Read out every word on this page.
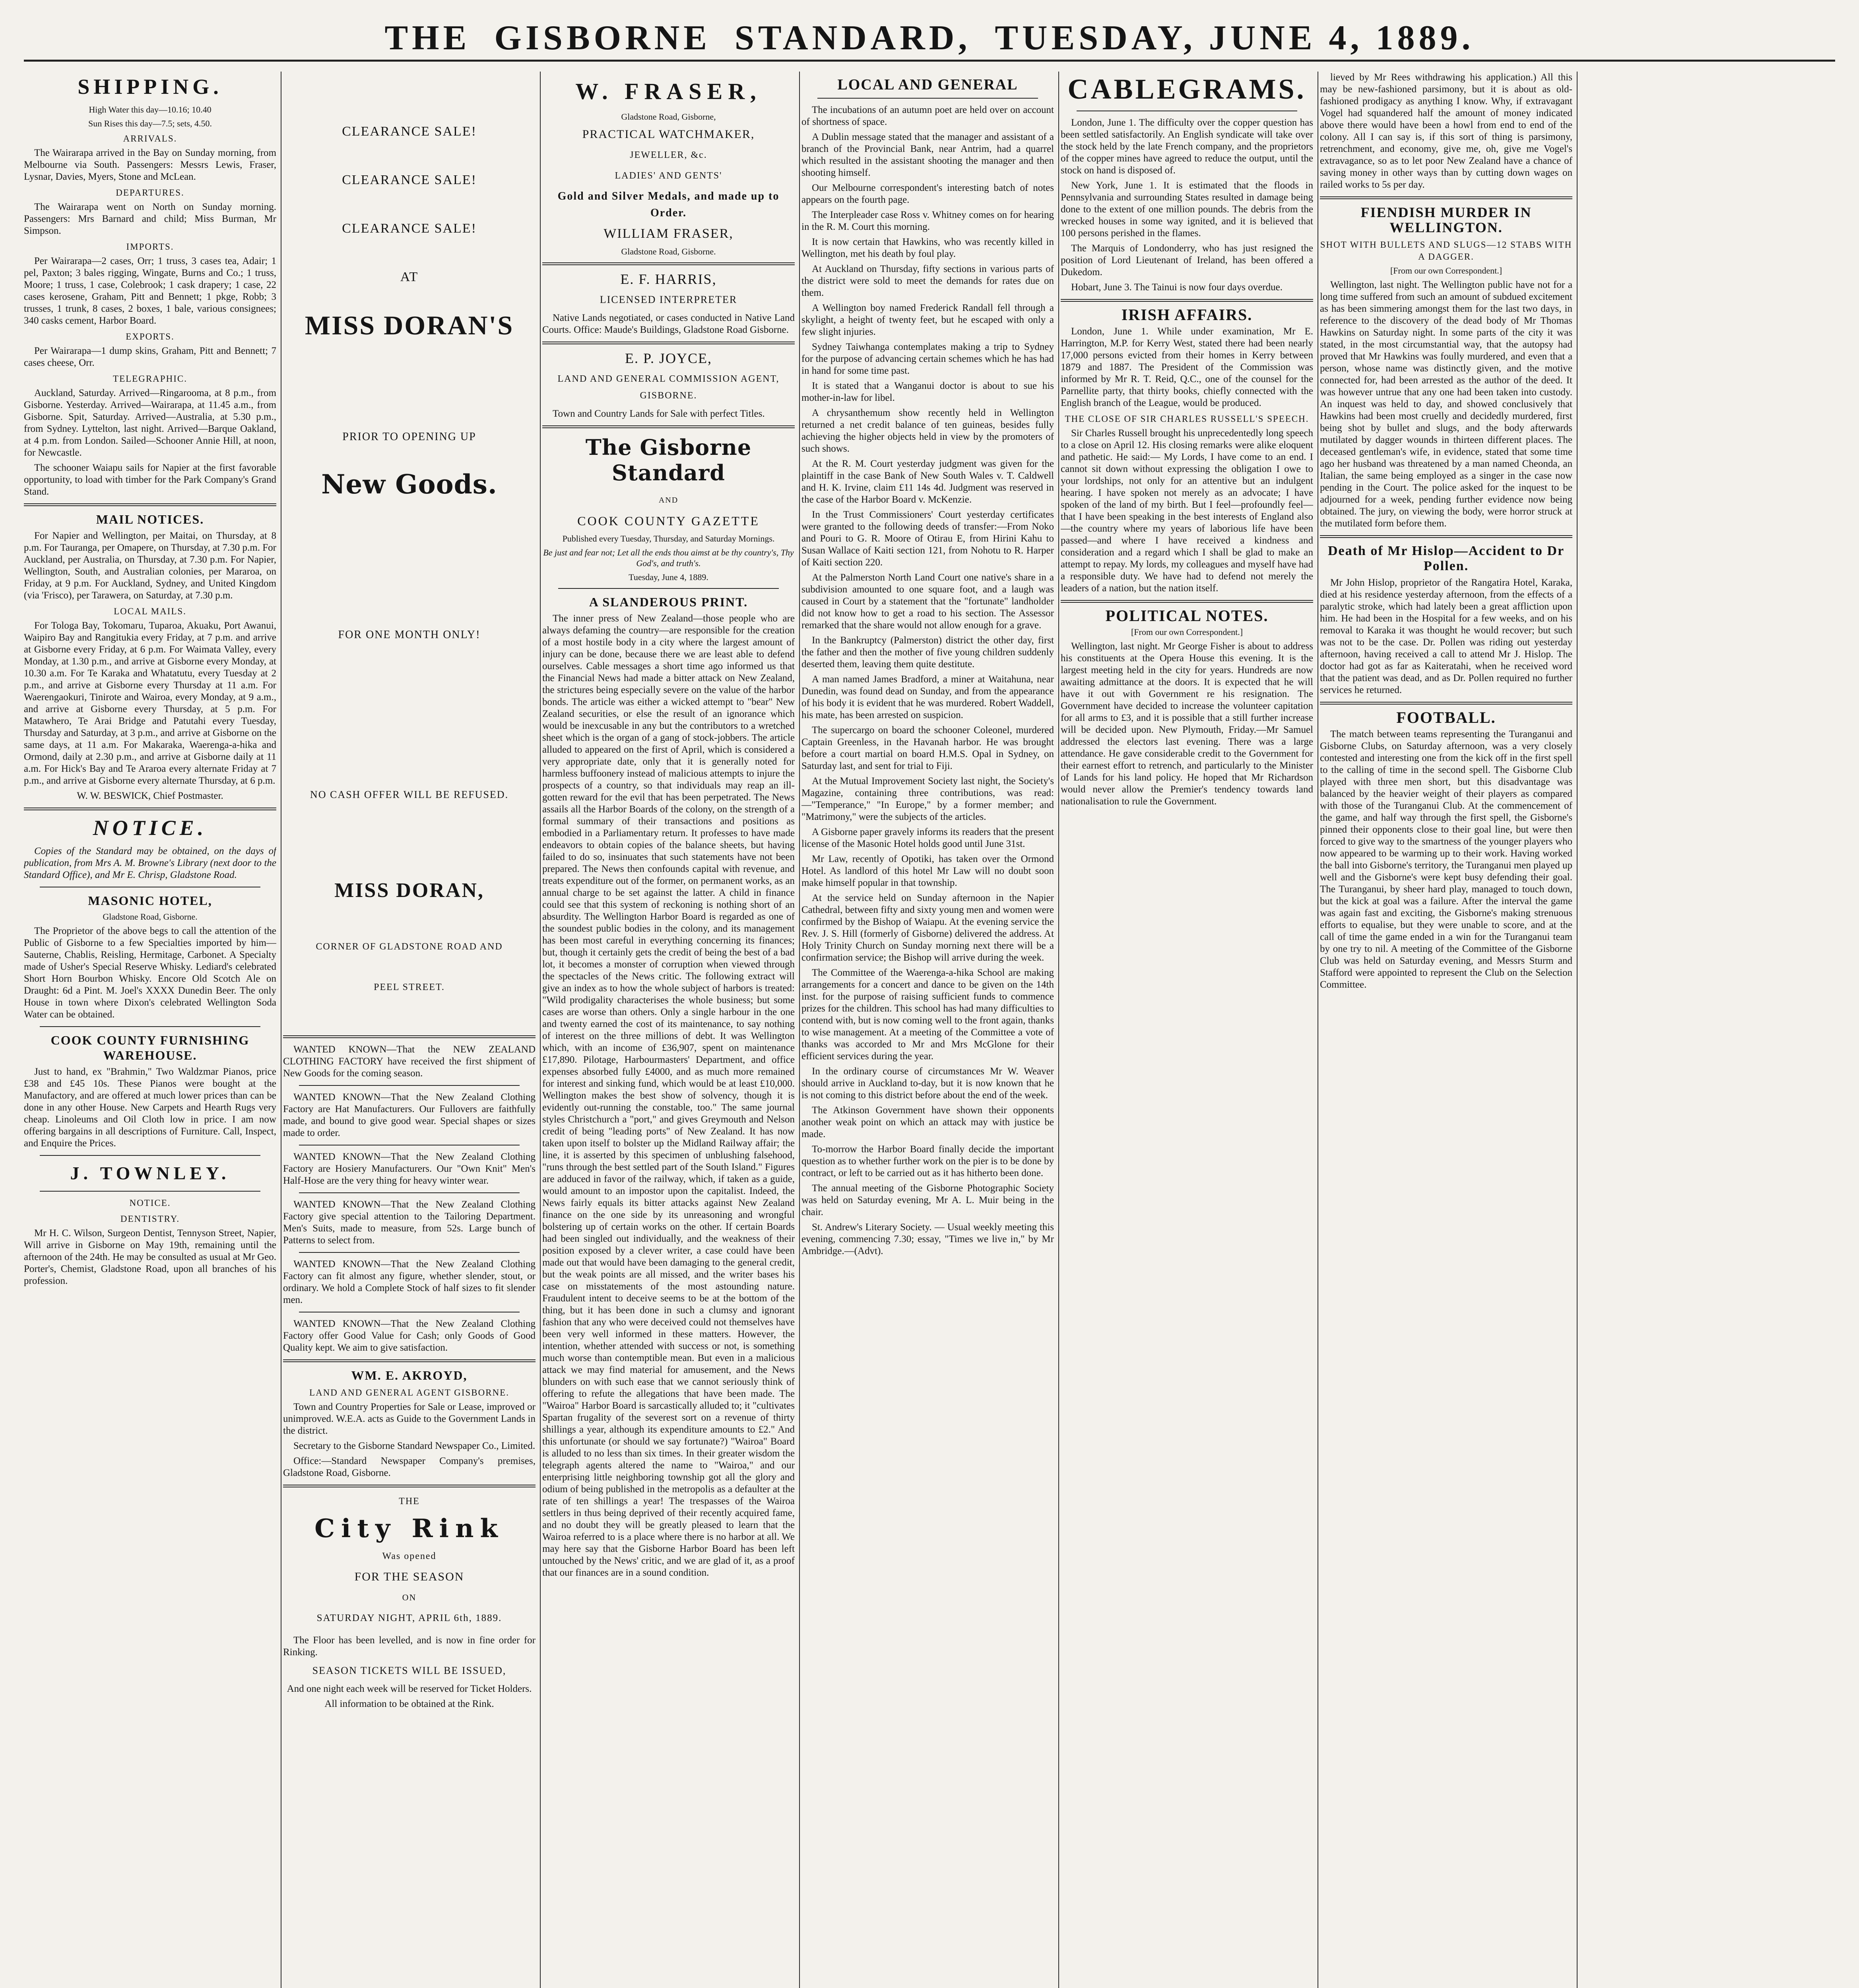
THE GISBORNE STANDARD, TUESDAY, JUNE 4, 1889.
SHIPPING.

High Water this day—10.16; 10.40

Sun Rises this day—7.5; sets, 4.50.

ARRIVALS.

The Wairarapa arrived in the Bay on Sunday morning, from Melbourne via South. Passengers: Messrs Lewis, Fraser, Lysnar, Davies, Myers, Stone and McLean.

DEPARTURES.

The Wairarapa went on North on Sunday morning. Passengers: Mrs Barnard and child; Miss Burman, Mr Simpson.

IMPORTS.

Per Wairarapa—2 cases, Orr; 1 truss, 3 cases tea, Adair; 1 pel, Paxton; 3 bales rigging, Wingate, Burns and Co.; 1 truss, Moore; 1 truss, 1 case, Colebrook; 1 cask drapery; 1 case, 22 cases kerosene, Graham, Pitt and Bennett; 1 pkge, Robb; 3 trusses, 1 trunk, 8 cases, 2 boxes, 1 bale, various consignees; 340 casks cement, Harbor Board.

EXPORTS.

Per Wairarapa—1 dump skins, Graham, Pitt and Bennett; 7 cases cheese, Orr.

TELEGRAPHIC.

Auckland, Saturday. Arrived—Ringarooma, at 8 p.m., from Gisborne. Yesterday. Arrived—Wairarapa, at 11.45 a.m., from Gisborne. Spit, Saturday. Arrived—Australia, at 5.30 p.m., from Sydney. Lyttelton, last night. Arrived—Barque Oakland, at 4 p.m. from London. Sailed—Schooner Annie Hill, at noon, for Newcastle.

The schooner Waiapu sails for Napier at the first favorable opportunity, to load with timber for the Park Company's Grand Stand.

MAIL NOTICES.

For Napier and Wellington, per Maitai, on Thursday, at 8 p.m. For Tauranga, per Omapere, on Thursday, at 7.30 p.m. For Auckland, per Australia, on Thursday, at 7.30 p.m. For Napier, Wellington, South, and Australian colonies, per Mararoa, on Friday, at 9 p.m. For Auckland, Sydney, and United Kingdom (via 'Frisco), per Tarawera, on Saturday, at 7.30 p.m.

LOCAL MAILS.

For Tologa Bay, Tokomaru, Tuparoa, Akuaku, Port Awanui, Waipiro Bay and Rangitukia every Friday, at 7 p.m. and arrive at Gisborne every Friday, at 6 p.m. For Waimata Valley, every Monday, at 1.30 p.m., and arrive at Gisborne every Monday, at 10.30 a.m. For Te Karaka and Whatatutu, every Tuesday at 2 p.m., and arrive at Gisborne every Thursday at 11 a.m. For Waerengaokuri, Tinirote and Wairoa, every Monday, at 9 a.m., and arrive at Gisborne every Thursday, at 5 p.m. For Matawhero, Te Arai Bridge and Patutahi every Tuesday, Thursday and Saturday, at 3 p.m., and arrive at Gisborne on the same days, at 11 a.m. For Makaraka, Waerenga-a-hika and Ormond, daily at 2.30 p.m., and arrive at Gisborne daily at 11 a.m. For Hick's Bay and Te Araroa every alternate Friday at 7 p.m., and arrive at Gisborne every alternate Thursday, at 6 p.m.

W. W. BESWICK, Chief Postmaster.

NOTICE.

Copies of the Standard may be obtained, on the days of publication, from Mrs A. M. Browne's Library (next door to the Standard Office), and Mr E. Chrisp, Gladstone Road.

MASONIC HOTEL,

Gladstone Road, Gisborne.

The Proprietor of the above begs to call the attention of the Public of Gisborne to a few Specialties imported by him— Sauterne, Chablis, Reisling, Hermitage, Carbonet. A Specialty made of Usher's Special Reserve Whisky. Lediard's celebrated Short Horn Bourbon Whisky. Encore Old Scotch Ale on Draught: 6d a Pint. M. Joel's XXXX Dunedin Beer. The only House in town where Dixon's celebrated Wellington Soda Water can be obtained.

COOK COUNTY FURNISHING WAREHOUSE.

Just to hand, ex "Brahmin," Two Waldzmar Pianos, price £38 and £45 10s. These Pianos were bought at the Manufactory, and are offered at much lower prices than can be done in any other House. New Carpets and Hearth Rugs very cheap. Linoleums and Oil Cloth low in price. I am now offering bargains in all descriptions of Furniture. Call, Inspect, and Enquire the Prices.

J. TOWNLEY.
NOTICE.
DENTISTRY.

Mr H. C. Wilson, Surgeon Dentist, Tennyson Street, Napier, Will arrive in Gisborne on May 19th, remaining until the afternoon of the 24th. He may be consulted as usual at Mr Geo. Porter's, Chemist, Gladstone Road, upon all branches of his profession.

CLEARANCE SALE!
CLEARANCE SALE!
CLEARANCE SALE!
AT
MISS DORAN'S
PRIOR TO OPENING UP
New Goods.
FOR ONE MONTH ONLY!
NO CASH OFFER WILL BE REFUSED.
MISS DORAN,
CORNER OF GLADSTONE ROAD AND
PEEL STREET.

WANTED KNOWN—That the NEW ZEALAND CLOTHING FACTORY have received the first shipment of New Goods for the coming season.

WANTED KNOWN—That the New Zealand Clothing Factory are Hat Manufacturers. Our Fullovers are faithfully made, and bound to give good wear. Special shapes or sizes made to order.

WANTED KNOWN—That the New Zealand Clothing Factory are Hosiery Manufacturers. Our "Own Knit" Men's Half-Hose are the very thing for heavy winter wear.

WANTED KNOWN—That the New Zealand Clothing Factory give special attention to the Tailoring Department. Men's Suits, made to measure, from 52s. Large bunch of Patterns to select from.

WANTED KNOWN—That the New Zealand Clothing Factory can fit almost any figure, whether slender, stout, or ordinary. We hold a Complete Stock of half sizes to fit slender men.

WANTED KNOWN—That the New Zealand Clothing Factory offer Good Value for Cash; only Goods of Good Quality kept. We aim to give satisfaction.

WM. E. AKROYD,
LAND AND GENERAL AGENT GISBORNE.

Town and Country Properties for Sale or Lease, improved or unimproved. W.E.A. acts as Guide to the Government Lands in the district.

Secretary to the Gisborne Standard Newspaper Co., Limited.

Office:—Standard Newspaper Company's premises, Gladstone Road, Gisborne.

THE
City Rink
Was opened
FOR THE SEASON
ON
SATURDAY NIGHT, APRIL 6th, 1889.

The Floor has been levelled, and is now in fine order for Rinking.

SEASON TICKETS WILL BE ISSUED,

And one night each week will be reserved for Ticket Holders.

All information to be obtained at the Rink.

W. FRASER,

Gladstone Road, Gisborne,

PRACTICAL WATCHMAKER,
JEWELLER, &c.
LADIES' AND GENTS'
Gold and Silver Medals, and made up to Order.
WILLIAM FRASER,

Gladstone Road, Gisborne.

E. F. HARRIS,
LICENSED INTERPRETER

Native Lands negotiated, or cases conducted in Native Land Courts. Office: Maude's Buildings, Gladstone Road Gisborne.

E. P. JOYCE,
LAND AND GENERAL COMMISSION AGENT, GISBORNE.

Town and Country Lands for Sale with perfect Titles.

The Gisborne Standard
AND
COOK COUNTY GAZETTE

Published every Tuesday, Thursday, and Saturday Mornings.

Be just and fear not; Let all the ends thou aimst at be thy country's, Thy God's, and truth's.

Tuesday, June 4, 1889.

A SLANDEROUS PRINT.

The inner press of New Zealand—those people who are always defaming the country—are responsible for the creation of a most hostile body in a city where the largest amount of injury can be done, because there we are least able to defend ourselves. Cable messages a short time ago informed us that the Financial News had made a bitter attack on New Zealand, the strictures being especially severe on the value of the harbor bonds. The article was either a wicked attempt to "bear" New Zealand securities, or else the result of an ignorance which would be inexcusable in any but the contributors to a wretched sheet which is the organ of a gang of stock-jobbers. The article alluded to appeared on the first of April, which is considered a very appropriate date, only that it is generally noted for harmless buffoonery instead of malicious attempts to injure the prospects of a country, so that individuals may reap an ill-gotten reward for the evil that has been perpetrated. The News assails all the Harbor Boards of the colony, on the strength of a formal summary of their transactions and positions as embodied in a Parliamentary return. It professes to have made endeavors to obtain copies of the balance sheets, but having failed to do so, insinuates that such statements have not been prepared. The News then confounds capital with revenue, and treats expenditure out of the former, on permanent works, as an annual charge to be set against the latter. A child in finance could see that this system of reckoning is nothing short of an absurdity. The Wellington Harbor Board is regarded as one of the soundest public bodies in the colony, and its management has been most careful in everything concerning its finances; but, though it certainly gets the credit of being the best of a bad lot, it becomes a monster of corruption when viewed through the spectacles of the News critic. The following extract will give an index as to how the whole subject of harbors is treated: "Wild prodigality characterises the whole business; but some cases are worse than others. Only a single harbour in the one and twenty earned the cost of its maintenance, to say nothing of interest on the three millions of debt. It was Wellington which, with an income of £36,907, spent on maintenance £17,890. Pilotage, Harbourmasters' Department, and office expenses absorbed fully £4000, and as much more remained for interest and sinking fund, which would be at least £10,000. Wellington makes the best show of solvency, though it is evidently out-running the constable, too." The same journal styles Christchurch a "port," and gives Greymouth and Nelson credit of being "leading ports" of New Zealand. It has now taken upon itself to bolster up the Midland Railway affair; the line, it is asserted by this specimen of unblushing falsehood, "runs through the best settled part of the South Island." Figures are adduced in favor of the railway, which, if taken as a guide, would amount to an impostor upon the capitalist. Indeed, the News fairly equals its bitter attacks against New Zealand finance on the one side by its unreasoning and wrongful bolstering up of certain works on the other. If certain Boards had been singled out individually, and the weakness of their position exposed by a clever writer, a case could have been made out that would have been damaging to the general credit, but the weak points are all missed, and the writer bases his case on misstatements of the most astounding nature. Fraudulent intent to deceive seems to be at the bottom of the thing, but it has been done in such a clumsy and ignorant fashion that any who were deceived could not themselves have been very well informed in these matters. However, the intention, whether attended with success or not, is something much worse than contemptible mean. But even in a malicious attack we may find material for amusement, and the News blunders on with such ease that we cannot seriously think of offering to refute the allegations that have been made. The "Wairoa" Harbor Board is sarcastically alluded to; it "cultivates Spartan frugality of the severest sort on a revenue of thirty shillings a year, although its expenditure amounts to £2." And this unfortunate (or should we say fortunate?) "Wairoa" Board is alluded to no less than six times. In their greater wisdom the telegraph agents altered the name to "Wairoa," and our enterprising little neighboring township got all the glory and odium of being published in the metropolis as a defaulter at the rate of ten shillings a year! The trespasses of the Wairoa settlers in thus being deprived of their recently acquired fame, and no doubt they will be greatly pleased to learn that the Wairoa referred to is a place where there is no harbor at all. We may here say that the Gisborne Harbor Board has been left untouched by the News' critic, and we are glad of it, as a proof that our finances are in a sound condition.

LOCAL AND GENERAL

The incubations of an autumn poet are held over on account of shortness of space.

A Dublin message stated that the manager and assistant of a branch of the Provincial Bank, near Antrim, had a quarrel which resulted in the assistant shooting the manager and then shooting himself.

Our Melbourne correspondent's interesting batch of notes appears on the fourth page.

The Interpleader case Ross v. Whitney comes on for hearing in the R. M. Court this morning.

It is now certain that Hawkins, who was recently killed in Wellington, met his death by foul play.

At Auckland on Thursday, fifty sections in various parts of the district were sold to meet the demands for rates due on them.

A Wellington boy named Frederick Randall fell through a skylight, a height of twenty feet, but he escaped with only a few slight injuries.

Sydney Taiwhanga contemplates making a trip to Sydney for the purpose of advancing certain schemes which he has had in hand for some time past.

It is stated that a Wanganui doctor is about to sue his mother-in-law for libel.

A chrysanthemum show recently held in Wellington returned a net credit balance of ten guineas, besides fully achieving the higher objects held in view by the promoters of such shows.

At the R. M. Court yesterday judgment was given for the plaintiff in the case Bank of New South Wales v. T. Caldwell and H. K. Irvine, claim £11 14s 4d. Judgment was reserved in the case of the Harbor Board v. McKenzie.

In the Trust Commissioners' Court yesterday certificates were granted to the following deeds of transfer:—From Noko and Pouri to G. R. Moore of Otirau E, from Hirini Kahu to Susan Wallace of Kaiti section 121, from Nohotu to R. Harper of Kaiti section 220.

At the Palmerston North Land Court one native's share in a subdivision amounted to one square foot, and a laugh was caused in Court by a statement that the "fortunate" landholder did not know how to get a road to his section. The Assessor remarked that the share would not allow enough for a grave.

In the Bankruptcy (Palmerston) district the other day, first the father and then the mother of five young children suddenly deserted them, leaving them quite destitute.

A man named James Bradford, a miner at Waitahuna, near Dunedin, was found dead on Sunday, and from the appearance of his body it is evident that he was murdered. Robert Waddell, his mate, has been arrested on suspicion.

The supercargo on board the schooner Coleonel, murdered Captain Greenless, in the Havanah harbor. He was brought before a court martial on board H.M.S. Opal in Sydney, on Saturday last, and sent for trial to Fiji.

At the Mutual Improvement Society last night, the Society's Magazine, containing three contributions, was read:—"Temperance," "In Europe," by a former member; and "Matrimony," were the subjects of the articles.

A Gisborne paper gravely informs its readers that the present license of the Masonic Hotel holds good until June 31st.

Mr Law, recently of Opotiki, has taken over the Ormond Hotel. As landlord of this hotel Mr Law will no doubt soon make himself popular in that township.

At the service held on Sunday afternoon in the Napier Cathedral, between fifty and sixty young men and women were confirmed by the Bishop of Waiapu. At the evening service the Rev. J. S. Hill (formerly of Gisborne) delivered the address. At Holy Trinity Church on Sunday morning next there will be a confirmation service; the Bishop will arrive during the week.

The Committee of the Waerenga-a-hika School are making arrangements for a concert and dance to be given on the 14th inst. for the purpose of raising sufficient funds to commence prizes for the children. This school has had many difficulties to contend with, but is now coming well to the front again, thanks to wise management. At a meeting of the Committee a vote of thanks was accorded to Mr and Mrs McGlone for their efficient services during the year.

In the ordinary course of circumstances Mr W. Weaver should arrive in Auckland to-day, but it is now known that he is not coming to this district before about the end of the week.

The Atkinson Government have shown their opponents another weak point on which an attack may with justice be made.

To-morrow the Harbor Board finally decide the important question as to whether further work on the pier is to be done by contract, or left to be carried out as it has hitherto been done.

The annual meeting of the Gisborne Photographic Society was held on Saturday evening, Mr A. L. Muir being in the chair.

St. Andrew's Literary Society. — Usual weekly meeting this evening, commencing 7.30; essay, "Times we live in," by Mr Ambridge.—(Advt).

CABLEGRAMS.

London, June 1. The difficulty over the copper question has been settled satisfactorily. An English syndicate will take over the stock held by the late French company, and the proprietors of the copper mines have agreed to reduce the output, until the stock on hand is disposed of.

New York, June 1. It is estimated that the floods in Pennsylvania and surrounding States resulted in damage being done to the extent of one million pounds. The debris from the wrecked houses in some way ignited, and it is believed that 100 persons perished in the flames.

The Marquis of Londonderry, who has just resigned the position of Lord Lieutenant of Ireland, has been offered a Dukedom.

Hobart, June 3. The Tainui is now four days overdue.

IRISH AFFAIRS.

London, June 1. While under examination, Mr E. Harrington, M.P. for Kerry West, stated there had been nearly 17,000 persons evicted from their homes in Kerry between 1879 and 1887. The President of the Commission was informed by Mr R. T. Reid, Q.C., one of the counsel for the Parnellite party, that thirty books, chiefly connected with the English branch of the League, would be produced.

THE CLOSE OF SIR CHARLES RUSSELL'S SPEECH.

Sir Charles Russell brought his unprecedentedly long speech to a close on April 12. His closing remarks were alike eloquent and pathetic. He said:— My Lords, I have come to an end. I cannot sit down without expressing the obligation I owe to your lordships, not only for an attentive but an indulgent hearing. I have spoken not merely as an advocate; I have spoken of the land of my birth. But I feel—profoundly feel—that I have been speaking in the best interests of England also—the country where my years of laborious life have been passed—and where I have received a kindness and consideration and a regard which I shall be glad to make an attempt to repay. My lords, my colleagues and myself have had a responsible duty. We have had to defend not merely the leaders of a nation, but the nation itself.

POLITICAL NOTES.

[From our own Correspondent.]

Wellington, last night. Mr George Fisher is about to address his constituents at the Opera House this evening. It is the largest meeting held in the city for years. Hundreds are now awaiting admittance at the doors. It is expected that he will have it out with Government re his resignation. The Government have decided to increase the volunteer capitation for all arms to £3, and it is possible that a still further increase will be decided upon. New Plymouth, Friday.—Mr Samuel addressed the electors last evening. There was a large attendance. He gave considerable credit to the Government for their earnest effort to retrench, and particularly to the Minister of Lands for his land policy. He hoped that Mr Richardson would never allow the Premier's tendency towards land nationalisation to rule the Government.

lieved by Mr Rees withdrawing his application.) All this may be new-fashioned parsimony, but it is about as old-fashioned prodigacy as anything I know. Why, if extravagant Vogel had squandered half the amount of money indicated above there would have been a howl from end to end of the colony. All I can say is, if this sort of thing is parsimony, retrenchment, and economy, give me, oh, give me Vogel's extravagance, so as to let poor New Zealand have a chance of saving money in other ways than by cutting down wages on railed works to 5s per day.

FIENDISH MURDER IN WELLINGTON.
SHOT WITH BULLETS AND SLUGS—12 STABS WITH A DAGGER.

[From our own Correspondent.]

Wellington, last night. The Wellington public have not for a long time suffered from such an amount of subdued excitement as has been simmering amongst them for the last two days, in reference to the discovery of the dead body of Mr Thomas Hawkins on Saturday night. In some parts of the city it was stated, in the most circumstantial way, that the autopsy had proved that Mr Hawkins was foully murdered, and even that a person, whose name was distinctly given, and the motive connected for, had been arrested as the author of the deed. It was however untrue that any one had been taken into custody. An inquest was held to day, and showed conclusively that Hawkins had been most cruelly and decidedly murdered, first being shot by bullet and slugs, and the body afterwards mutilated by dagger wounds in thirteen different places. The deceased gentleman's wife, in evidence, stated that some time ago her husband was threatened by a man named Cheonda, an Italian, the same being employed as a singer in the case now pending in the Court. The police asked for the inquest to be adjourned for a week, pending further evidence now being obtained. The jury, on viewing the body, were horror struck at the mutilated form before them.

Death of Mr Hislop—Accident to Dr Pollen.

Mr John Hislop, proprietor of the Rangatira Hotel, Karaka, died at his residence yesterday afternoon, from the effects of a paralytic stroke, which had lately been a great affliction upon him. He had been in the Hospital for a few weeks, and on his removal to Karaka it was thought he would recover; but such was not to be the case. Dr. Pollen was riding out yesterday afternoon, having received a call to attend Mr J. Hislop. The doctor had got as far as Kaiteratahi, when he received word that the patient was dead, and as Dr. Pollen required no further services he returned.

FOOTBALL.

The match between teams representing the Turanganui and Gisborne Clubs, on Saturday afternoon, was a very closely contested and interesting one from the kick off in the first spell to the calling of time in the second spell. The Gisborne Club played with three men short, but this disadvantage was balanced by the heavier weight of their players as compared with those of the Turanganui Club. At the commencement of the game, and half way through the first spell, the Gisborne's pinned their opponents close to their goal line, but were then forced to give way to the smartness of the younger players who now appeared to be warming up to their work. Having worked the ball into Gisborne's territory, the Turanganui men played up well and the Gisborne's were kept busy defending their goal. The Turanganui, by sheer hard play, managed to touch down, but the kick at goal was a failure. After the interval the game was again fast and exciting, the Gisborne's making strenuous efforts to equalise, but they were unable to score, and at the call of time the game ended in a win for the Turanganui team by one try to nil. A meeting of the Committee of the Gisborne Club was held on Saturday evening, and Messrs Sturm and Stafford were appointed to represent the Club on the Selection Committee.
